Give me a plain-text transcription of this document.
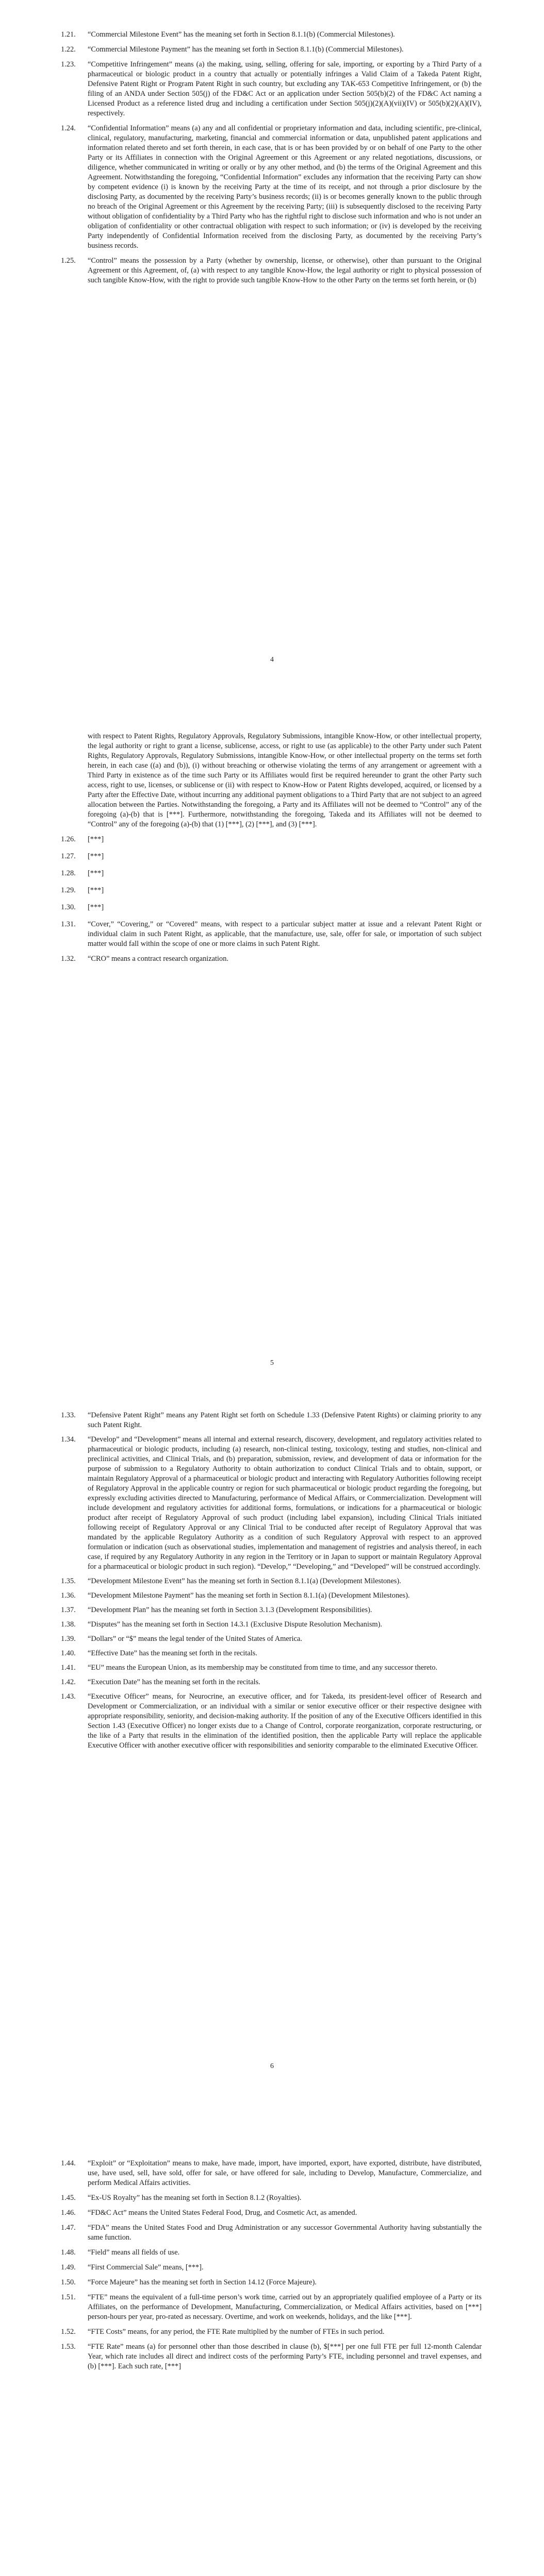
1.21.	“Commercial Milestone Event” has the meaning set forth in Section 8.1.1(b) (Commercial Milestones).
1.22.	“Commercial Milestone Payment” has the meaning set forth in Section 8.1.1(b) (Commercial Milestones).
1.23.	“Competitive Infringement” means (a) the making, using, selling, offering for sale, importing, or exporting by a Third Party of a pharmaceutical or biologic product in a country that actually or potentially infringes a Valid Claim of a Takeda Patent Right, Defensive Patent Right or Program Patent Right in such country, but excluding any TAK-653 Competitive Infringement, or (b) the filing of an ANDA under Section 505(j) of the FD&C Act or an application under Section 505(b)(2) of the FD&C Act naming a Licensed Product as a reference listed drug and including a certification under Section 505(j)(2)(A)(vii)(IV) or 505(b)(2)(A)(IV), respectively.
1.24.	“Confidential Information” means (a) any and all confidential or proprietary information and data, including scientific, pre-clinical, clinical, regulatory, manufacturing, marketing, financial and commercial information or data, unpublished patent applications and information related thereto and set forth therein, in each case, that is or has been provided by or on behalf of one Party to the other Party or its Affiliates in connection with the Original Agreement or this Agreement or any related negotiations, discussions, or diligence, whether communicated in writing or orally or by any other method, and (b) the terms of the Original Agreement and this Agreement. Notwithstanding the foregoing, “Confidential Information” excludes any information that the receiving Party can show by competent evidence (i) is known by the receiving Party at the time of its receipt, and not through a prior disclosure by the disclosing Party, as documented by the receiving Party’s business records; (ii) is or becomes generally known to the public through no breach of the Original Agreement or this Agreement by the receiving Party; (iii) is subsequently disclosed to the receiving Party without obligation of confidentiality by a Third Party who has the rightful right to disclose such information and who is not under an obligation of confidentiality or other contractual obligation with respect to such information; or (iv) is developed by the receiving Party independently of Confidential Information received from the disclosing Party, as documented by the receiving Party’s business records.
1.25.	“Control” means the possession by a Party (whether by ownership, license, or otherwise), other than pursuant to the Original Agreement or this Agreement, of, (a) with respect to any tangible Know-How, the legal authority or right to physical possession of such tangible Know-How, with the right to provide such tangible Know-How to the other Party on the terms set forth herein, or (b)
4
with respect to Patent Rights, Regulatory Approvals, Regulatory Submissions, intangible Know-How, or other intellectual property, the legal authority or right to grant a license, sublicense, access, or right to use (as applicable) to the other Party under such Patent Rights, Regulatory Approvals, Regulatory Submissions, intangible Know-How, or other intellectual property on the terms set forth herein, in each case ((a) and (b)), (i) without breaching or otherwise violating the terms of any arrangement or agreement with a Third Party in existence as of the time such Party or its Affiliates would first be required hereunder to grant the other Party such access, right to use, licenses, or sublicense or (ii) with respect to Know-How or Patent Rights developed, acquired, or licensed by a Party after the Effective Date, without incurring any additional payment obligations to a Third Party that are not subject to an agreed allocation between the Parties. Notwithstanding the foregoing, a Party and its Affiliates will not be deemed to “Control” any of the foregoing (a)-(b) that is [***]. Furthermore, notwithstanding the foregoing, Takeda and its Affiliates will not be deemed to “Control” any of the foregoing (a)-(b) that (1) [***], (2) [***], and (3) [***].
1.26.	[***]
1.27.	[***]
1.28.	[***]
1.29.	[***]
1.30.	[***]
1.31.	“Cover,” “Covering,” or “Covered” means, with respect to a particular subject matter at issue and a relevant Patent Right or individual claim in such Patent Right, as applicable, that the manufacture, use, sale, offer for sale, or importation of such subject matter would fall within the scope of one or more claims in such Patent Right.
1.32.	“CRO” means a contract research organization.
5
1.33.	“Defensive Patent Right” means any Patent Right set forth on Schedule 1.33 (Defensive Patent Rights) or claiming priority to any such Patent Right.
1.34.	“Develop” and “Development” means all internal and external research, discovery, development, and regulatory activities related to pharmaceutical or biologic products, including (a) research, non-clinical testing, toxicology, testing and studies, non-clinical and preclinical activities, and Clinical Trials, and (b) preparation, submission, review, and development of data or information for the purpose of submission to a Regulatory Authority to obtain authorization to conduct Clinical Trials and to obtain, support, or maintain Regulatory Approval of a pharmaceutical or biologic product and interacting with Regulatory Authorities following receipt of Regulatory Approval in the applicable country or region for such pharmaceutical or biologic product regarding the foregoing, but expressly excluding activities directed to Manufacturing, performance of Medical Affairs, or Commercialization. Development will include development and regulatory activities for additional forms, formulations, or indications for a pharmaceutical or biologic product after receipt of Regulatory Approval of such product (including label expansion), including Clinical Trials initiated following receipt of Regulatory Approval or any Clinical Trial to be conducted after receipt of Regulatory Approval that was mandated by the applicable Regulatory Authority as a condition of such Regulatory Approval with respect to an approved formulation or indication (such as observational studies, implementation and management of registries and analysis thereof, in each case, if required by any Regulatory Authority in any region in the Territory or in Japan to support or maintain Regulatory Approval for a pharmaceutical or biologic product in such region). “Develop,” “Developing,” and “Developed” will be construed accordingly.
1.35.	“Development Milestone Event” has the meaning set forth in Section 8.1.1(a) (Development Milestones).
1.36.	“Development Milestone Payment” has the meaning set forth in Section 8.1.1(a) (Development Milestones).
1.37.	“Development Plan” has the meaning set forth in Section 3.1.3 (Development Responsibilities).
1.38.	“Disputes” has the meaning set forth in Section 14.3.1 (Exclusive Dispute Resolution Mechanism).
1.39.	“Dollars” or “$” means the legal tender of the United States of America.
1.40.	“Effective Date” has the meaning set forth in the recitals.
1.41.	“EU” means the European Union, as its membership may be constituted from time to time, and any successor thereto.
1.42.	“Execution Date” has the meaning set forth in the recitals.
1.43.	“Executive Officer” means, for Neurocrine, an executive officer, and for Takeda, its president-level officer of Research and Development or Commercialization, or an individual with a similar or senior executive officer or their respective designee with appropriate responsibility, seniority, and decision-making authority. If the position of any of the Executive Officers identified in this Section 1.43 (Executive Officer) no longer exists due to a Change of Control, corporate reorganization, corporate restructuring, or the like of a Party that results in the elimination of the identified position, then the applicable Party will replace the applicable Executive Officer with another executive officer with responsibilities and seniority comparable to the eliminated Executive Officer.
6
1.44.	“Exploit” or “Exploitation” means to make, have made, import, have imported, export, have exported, distribute, have distributed, use, have used, sell, have sold, offer for sale, or have offered for sale, including to Develop, Manufacture, Commercialize, and perform Medical Affairs activities.
1.45.	“Ex-US Royalty” has the meaning set forth in Section 8.1.2 (Royalties).
1.46.	“FD&C Act” means the United States Federal Food, Drug, and Cosmetic Act, as amended.
1.47.	“FDA” means the United States Food and Drug Administration or any successor Governmental Authority having substantially the same function.
1.48.	“Field” means all fields of use.
1.49.	“First Commercial Sale” means, [***].
1.50.	“Force Majeure” has the meaning set forth in Section 14.12 (Force Majeure).
1.51.	“FTE” means the equivalent of a full-time person’s work time, carried out by an appropriately qualified employee of a Party or its Affiliates, on the performance of Development, Manufacturing, Commercialization, or Medical Affairs activities, based on [***] person-hours per year, pro-rated as necessary. Overtime, and work on weekends, holidays, and the like [***].
1.52.	“FTE Costs” means, for any period, the FTE Rate multiplied by the number of FTEs in such period.
1.53.	“FTE Rate” means (a) for personnel other than those described in clause (b), $[***] per one full FTE per full 12-month Calendar Year, which rate includes all direct and indirect costs of the performing Party’s FTE, including personnel and travel expenses, and (b) [***]. Each such rate, [***]
